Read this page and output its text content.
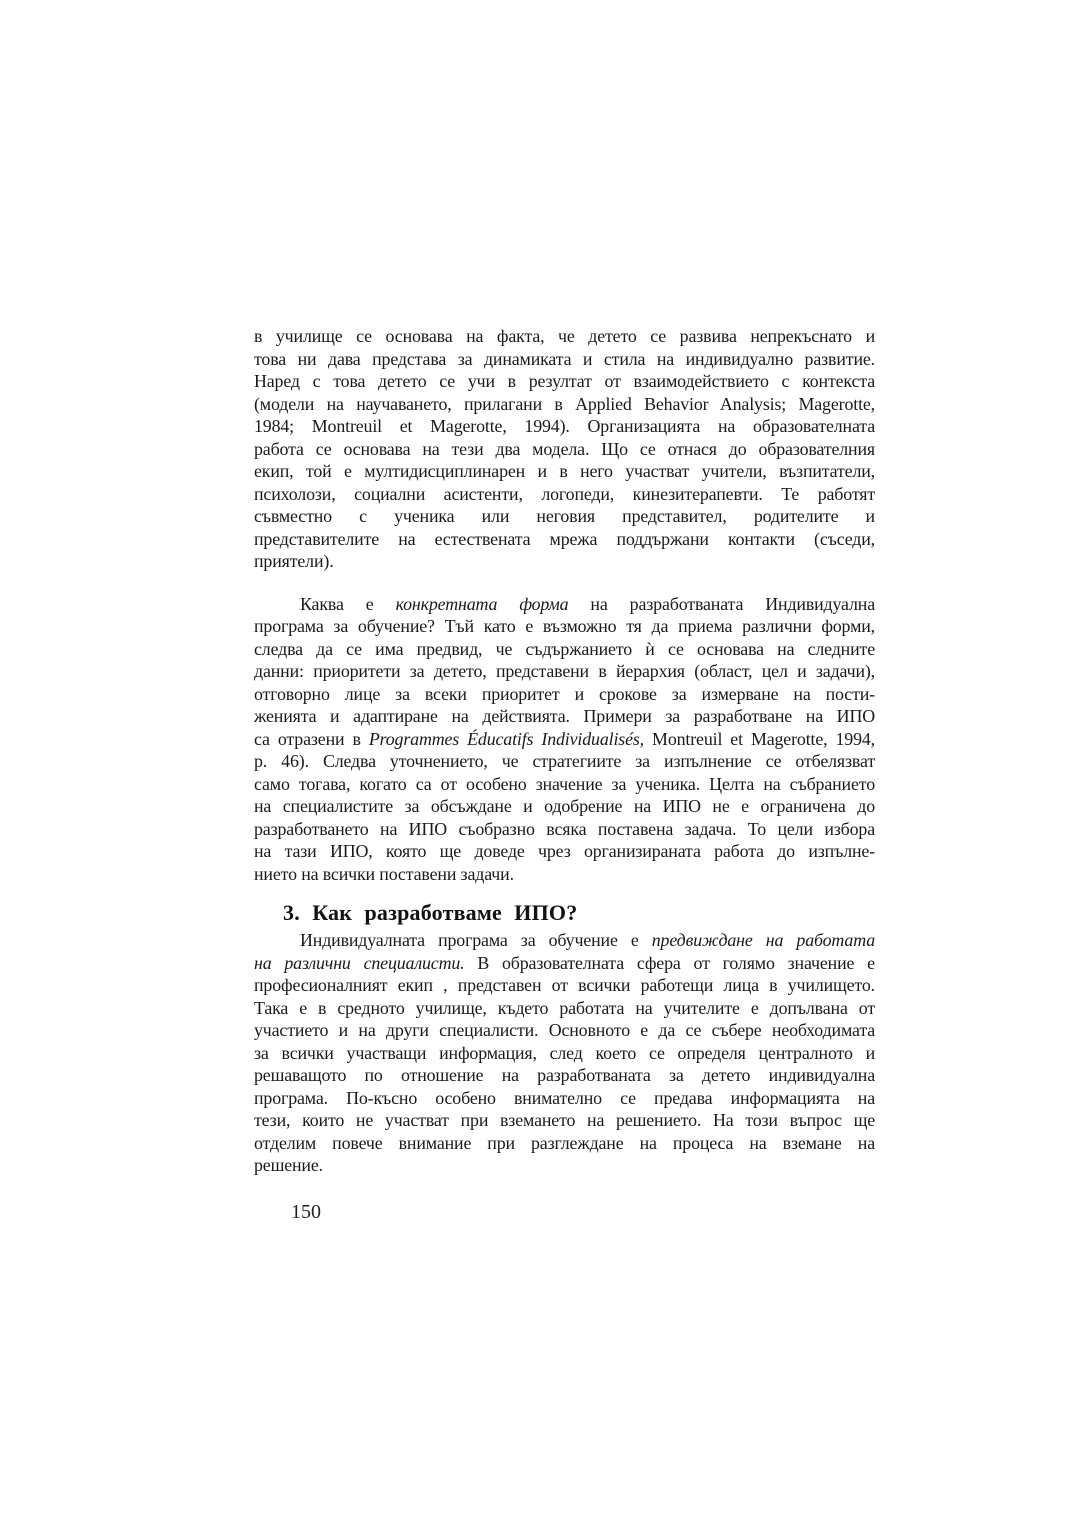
в училище се основава на факта, че детето се развива непрекъснато и
това ни дава представа за динамиката и стила на индивидуално развитие.
Наред с това детето се учи в резултат от взаимодействието с контекста
(модели на научаването, прилагани в Applied Behavior Analysis; Magerotte,
1984; Montreuil et Magerotte, 1994). Организацията на образователната
работа се основава на тези два модела. Що се отнася до образователния
екип, той е мултидисциплинарен и в него участват учители, възпитатели,
психолози, социални асистенти, логопеди, кинезитерапевти. Те работят
съвместно с ученика или неговия представител, родителите и
представителите на естествената мрежа поддържани контакти (съседи,
приятели).
Каква е конкретната форма на разработваната Индивидуална
програма за обучение? Тъй като е възможно тя да приема различни форми,
следва да се има предвид, че съдържанието ѝ се основава на следните
данни: приоритети за детето, представени в йерархия (област, цел и задачи),
отговорно лице за всеки приоритет и срокове за измерване на пости-
женията и адаптиране на действията. Примери за разработване на ИПО
са отразени в Programmes Éducatifs Individualisés, Montreuil et Magerotte, 1994,
p. 46). Следва уточнението, че стратегиите за изпълнение се отбелязват
само тогава, когато са от особено значение за ученика. Целта на събранието
на специалистите за обсъждане и одобрение на ИПО не е ограничена до
разработването на ИПО съобразно всяка поставена задача. То цели избора
на тази ИПО, която ще доведе чрез организираната работа до изпълне-
нието на всички поставени задачи.
3. Как разработваме ИПО?
Индивидуалната програма за обучение е предвиждане на работата
на различни специалисти. В образователната сфера от голямо значение е
професионалният екип , представен от всички работещи лица в училището.
Така е в средното училище, където работата на учителите е допълвана от
участието и на други специалисти. Основното е да се събере необходимата
за всички участващи информация, след което се определя централното и
решаващото по отношение на разработваната за детето индивидуална
програма. По-късно особено внимателно се предава информацията на
тези, които не участват при вземането на решението. На този въпрос ще
отделим повече внимание при разглеждане на процеса на вземане на
решение.
150
